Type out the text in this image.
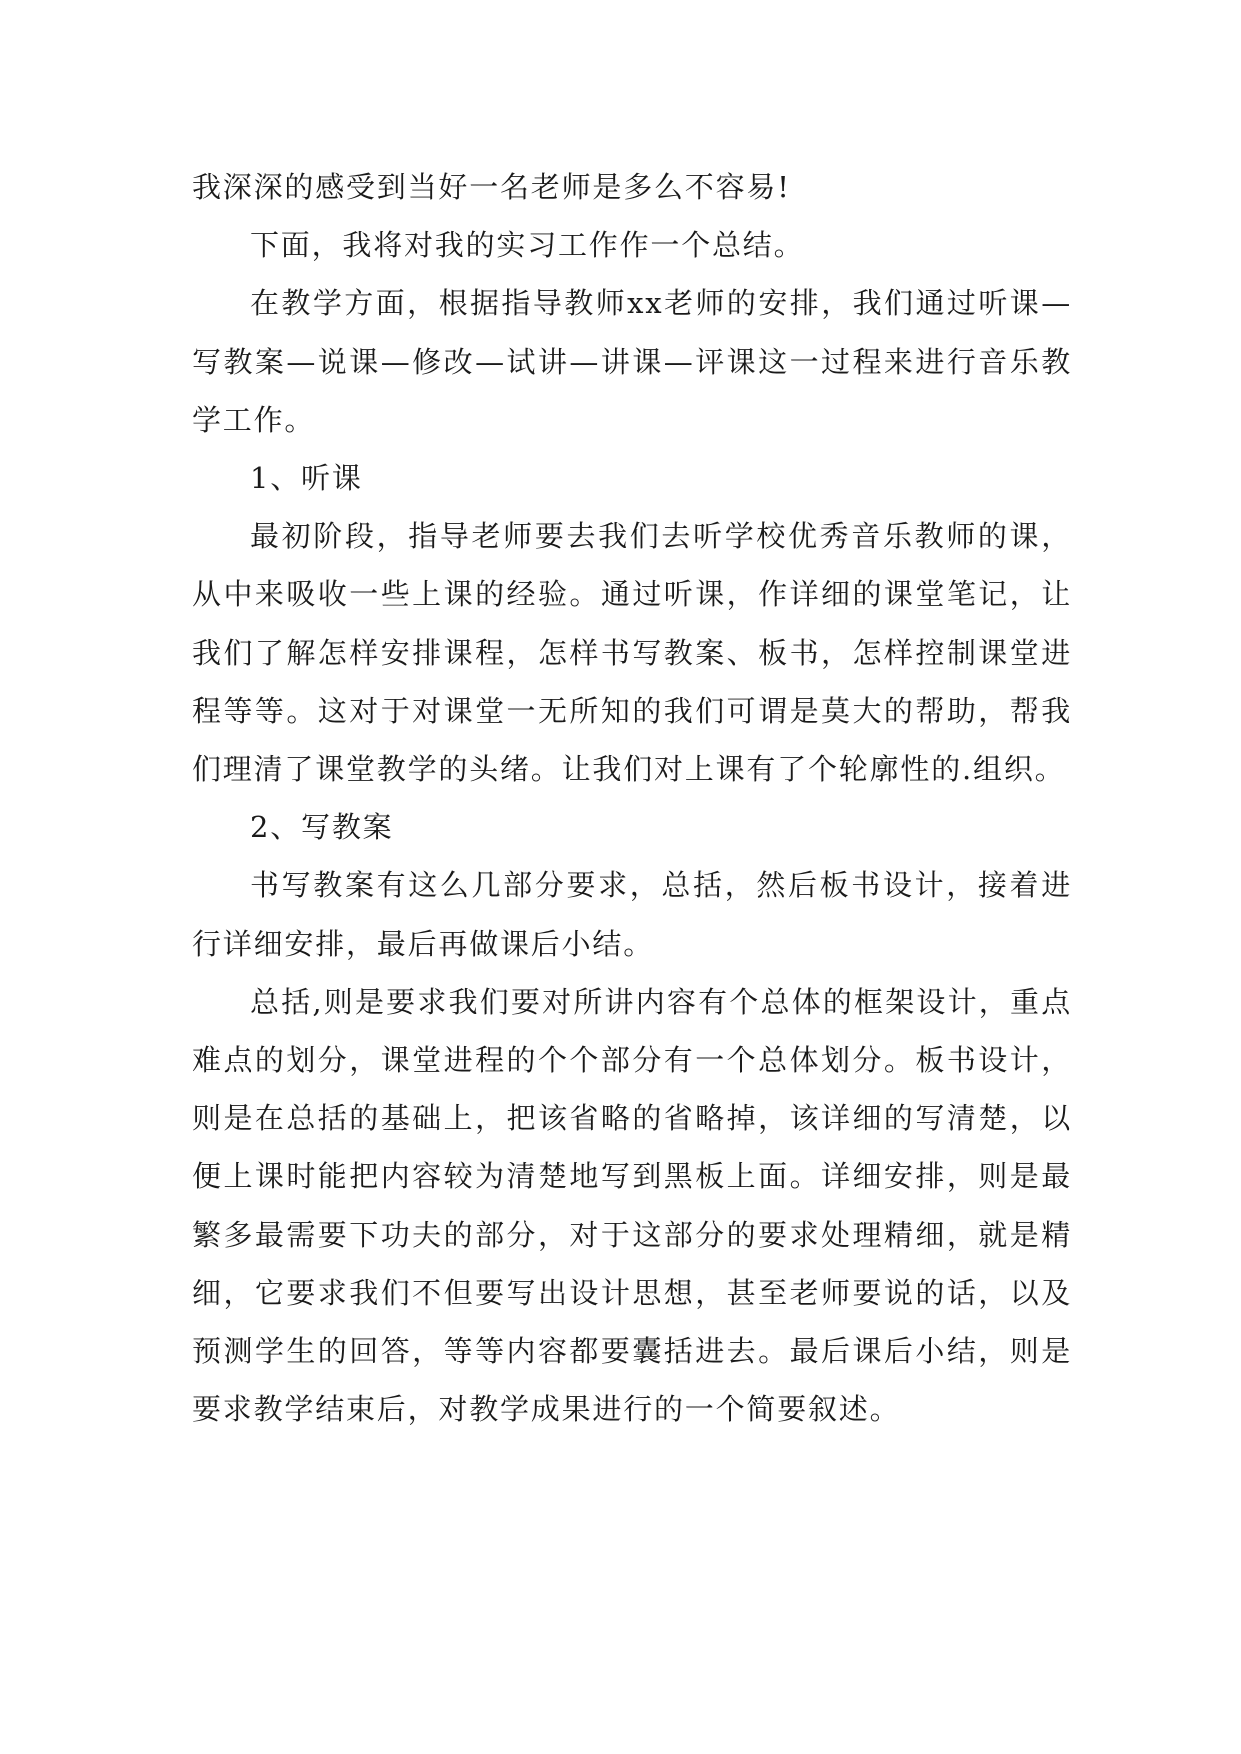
我深深的感受到当好一名老师是多么不容易!

下面，我将对我的实习工作作一个总结。

在教学方面，根据指导教师xx老师的安排，我们通过听课—写教案—说课—修改—试讲—讲课—评课这一过程来进行音乐教学工作。

1、听课

最初阶段，指导老师要去我们去听学校优秀音乐教师的课，从中来吸收一些上课的经验。通过听课，作详细的课堂笔记，让我们了解怎样安排课程，怎样书写教案、板书，怎样控制课堂进程等等。这对于对课堂一无所知的我们可谓是莫大的帮助，帮我们理清了课堂教学的头绪。让我们对上课有了个轮廓性的.组织。

2、写教案

书写教案有这么几部分要求，总括，然后板书设计，接着进行详细安排，最后再做课后小结。

总括,则是要求我们要对所讲内容有个总体的框架设计，重点难点的划分，课堂进程的个个部分有一个总体划分。板书设计，则是在总括的基础上，把该省略的省略掉，该详细的写清楚，以便上课时能把内容较为清楚地写到黑板上面。详细安排，则是最繁多最需要下功夫的部分，对于这部分的要求处理精细，就是精细，它要求我们不但要写出设计思想，甚至老师要说的话，以及预测学生的回答，等等内容都要囊括进去。最后课后小结，则是要求教学结束后，对教学成果进行的一个简要叙述。
